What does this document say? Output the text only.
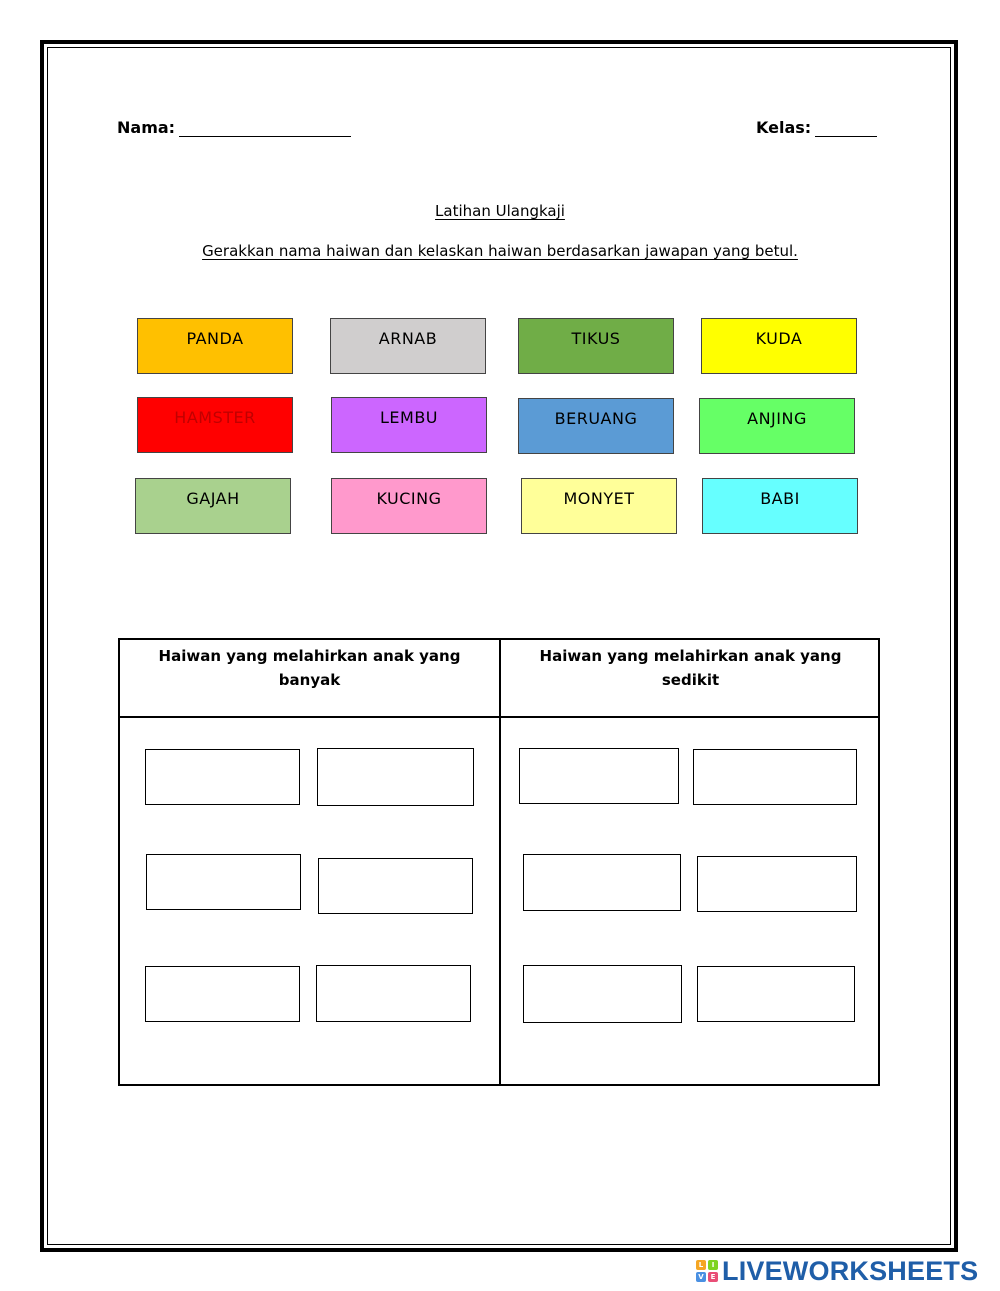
Nama:	Kelas:
Latihan Ulangkaji
Gerakkan nama haiwan dan kelaskan haiwan berdasarkan jawapan yang betul.
PANDA	ARNAB	TIKUS	KUDA
HAMSTER	LEMBU	BERUANG	ANJING
GAJAH	KUCING	MONYET	BABI
Haiwan yang melahirkan anak yang banyak
Haiwan yang melahirkan anak yang sedikit
L	I
V E LIVEWORKSHEETS
